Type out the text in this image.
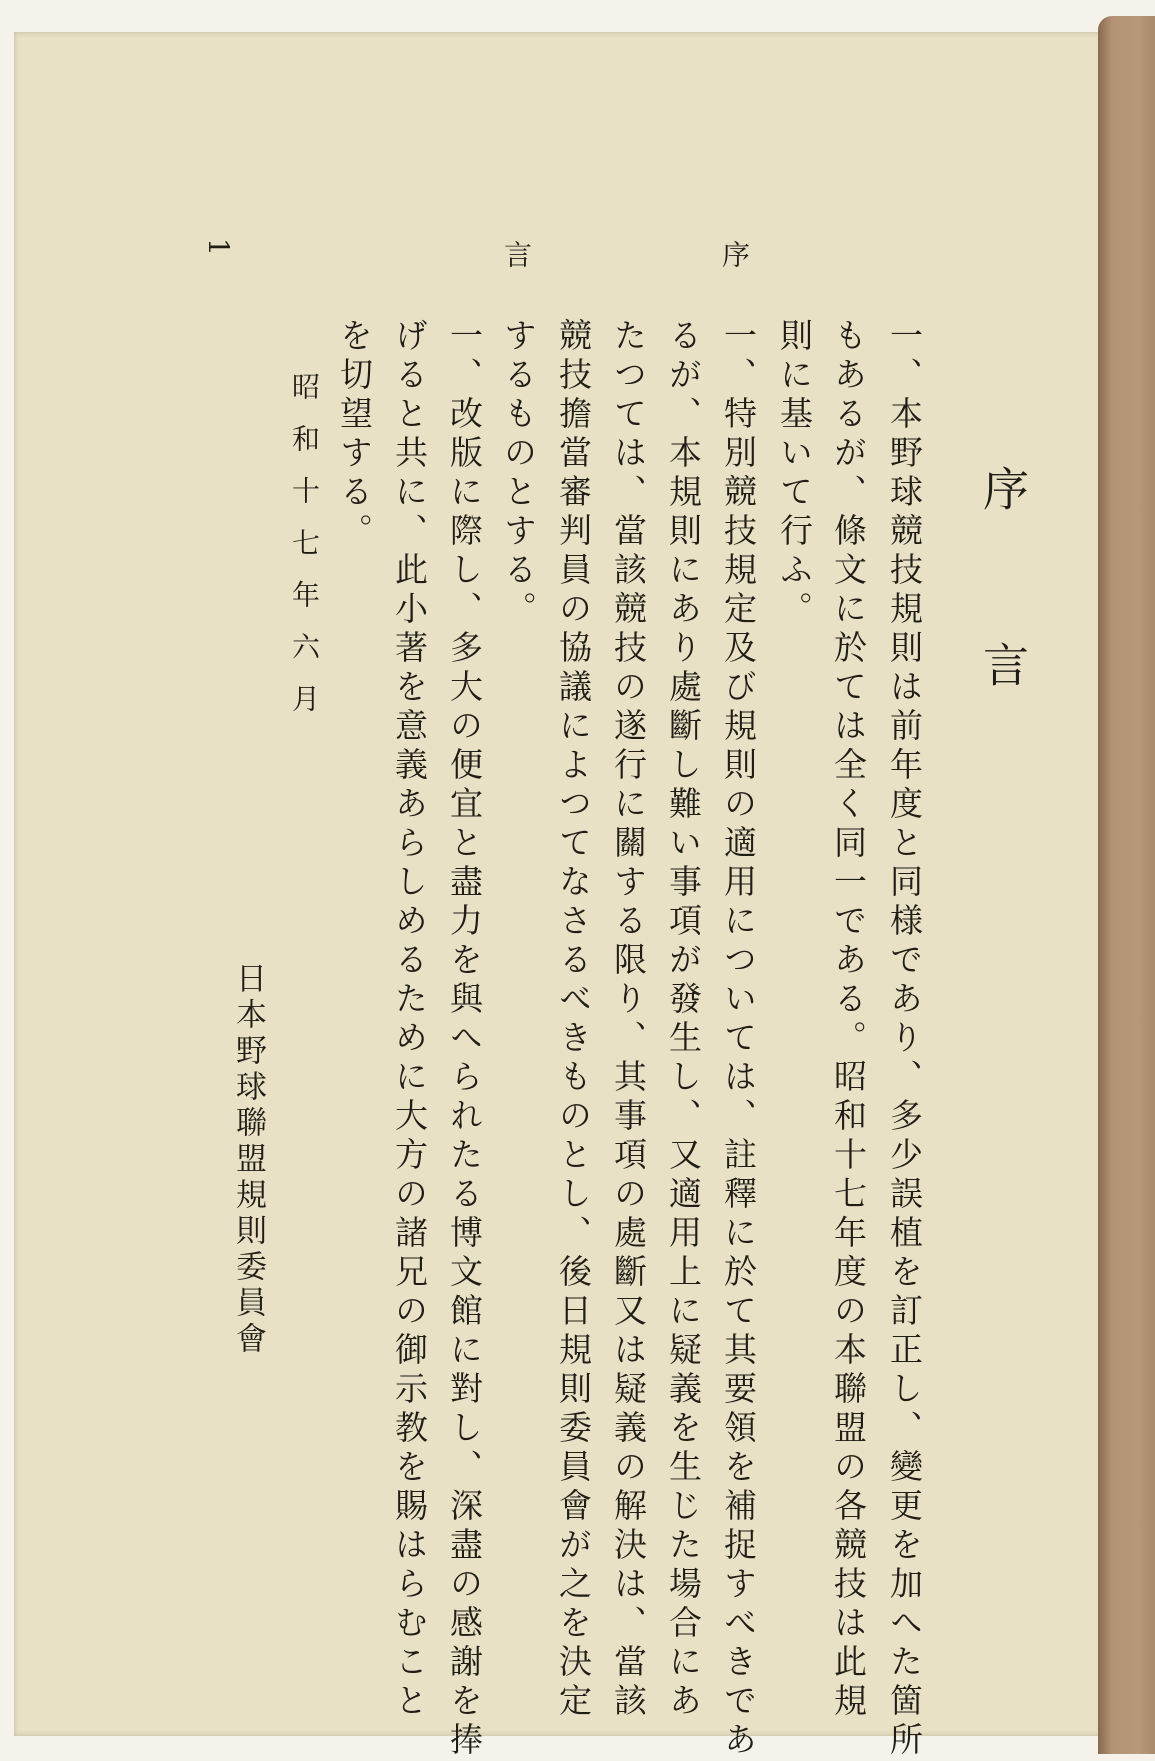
1	言	序
序言
一、本野球競技規則は前年度と同様であり、多少誤植を訂正し、變更を加へた箇所
もあるが、條文に於ては全く同一である。昭和十七年度の本聯盟の各競技は此規
則に基いて行ふ。
一、特別競技規定及び規則の適用については、註釋に於て其要領を補捉すべきであ
るが、本規則にあり處斷し難い事項が發生し、又適用上に疑義を生じた場合にあ
たつては、當該競技の遂行に關する限り、其事項の處斷又は疑義の解決は、當該
競技擔當審判員の協議によつてなさるべきものとし、後日規則委員會が之を決定
するものとする。
一、改版に際し、多大の便宜と盡力を與へられたる博文館に對し、深盡の感謝を捧
げると共に、此小著を意義あらしめるために大方の諸兄の御示教を賜はらむこと
を切望する。
昭和十七年六月
日本野球聯盟規則委員會
